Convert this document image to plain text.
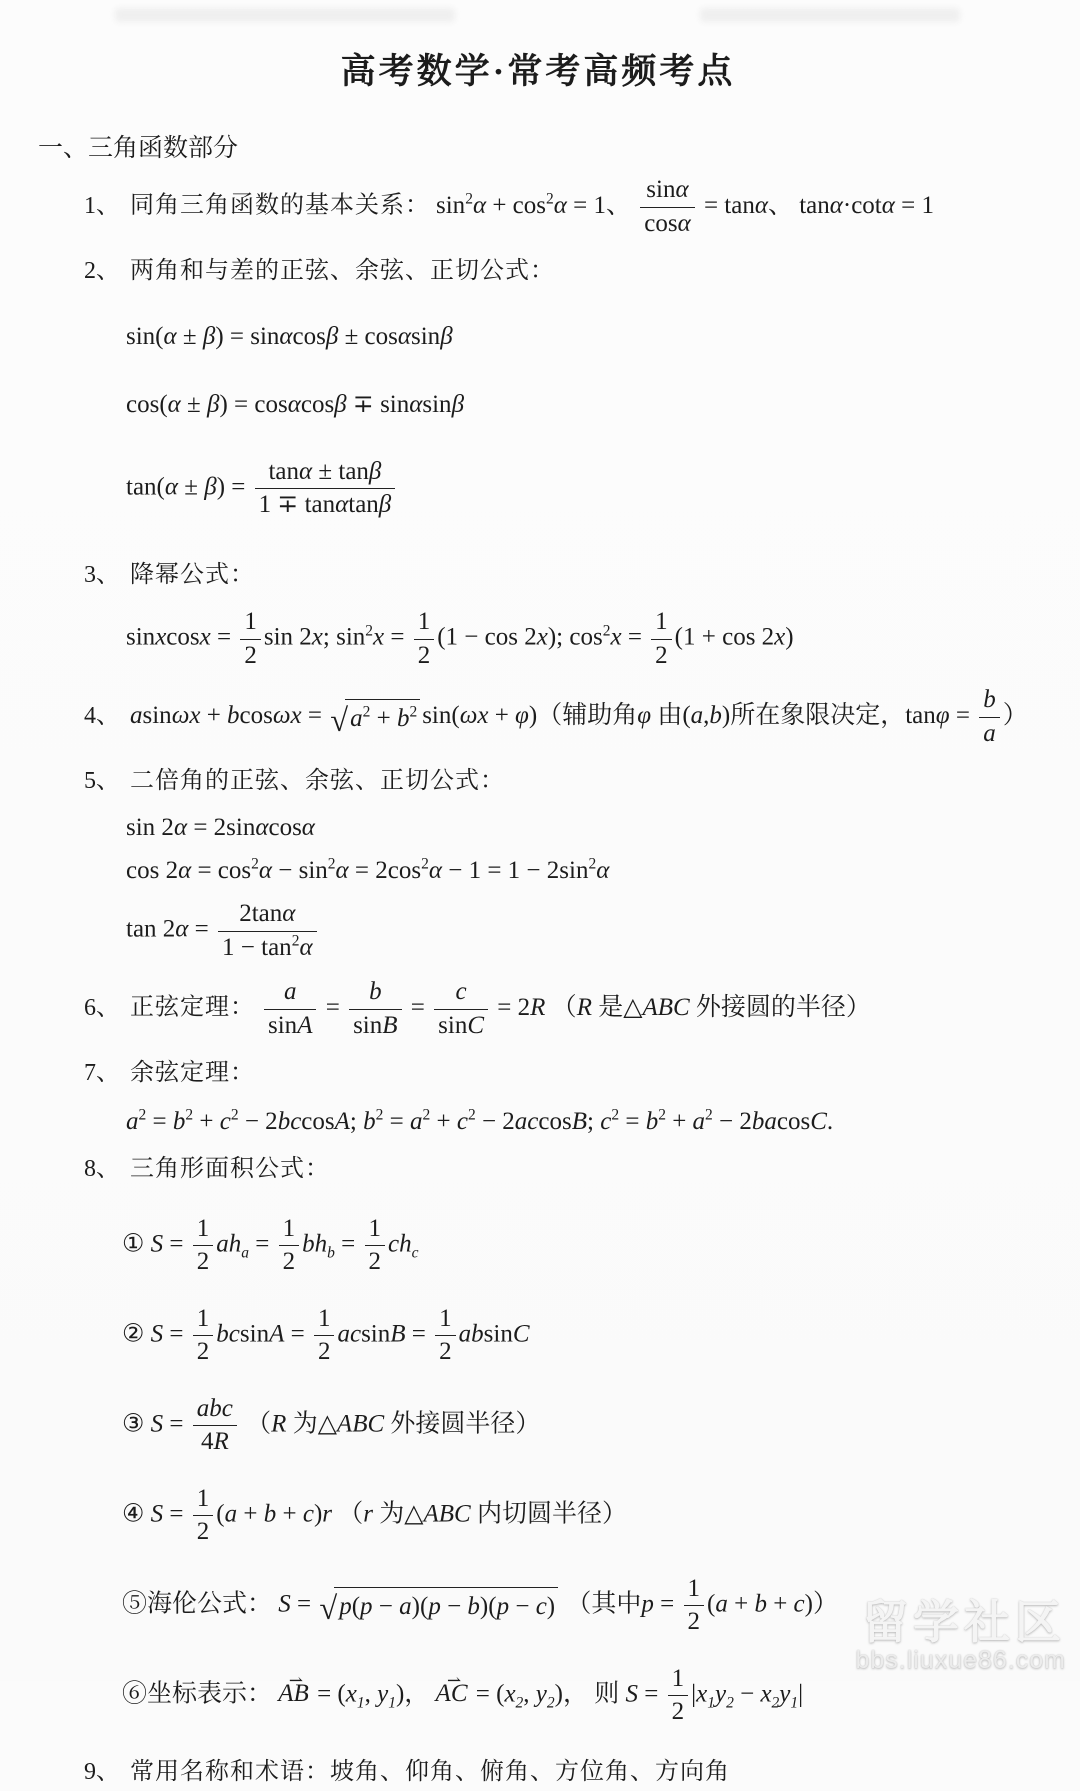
高考数学·常考高频考点
一、三角函数部分
1、 同角三角函数的基本关系： $\sin^2\alpha + \cos^2\alpha = 1$、 $\frac{\sin\alpha}{\cos\alpha} = \tan\alpha$、 tanα·cotα = 1
2、 两角和与差的正弦、余弦、正切公式：
sin(α ± β) = sinαcosβ ± cosαsinβ
cos(α ± β) = cosαcosβ ∓ sinαsinβ
$\tan(\alpha \pm \beta) = \frac{\tan\alpha \pm \tan\beta}{1 \mp \tan\alpha\tan\beta}$
3、 降幂公式：
sinxcosx = $\frac{1}{2}$ sin 2x; $\sin^2x = \frac{1}{2} (1 - \cos 2x)$; $\cos^2x = \frac{1}{2} (1 + \cos 2x)$
4、 asinωx + bcosωx = √ $a^2 + b^2$ sin(ωx + φ)（辅助角φ 由(a,b)所在象限决定，$\tan\varphi = \frac{b}{a}$ ）
5、 二倍角的正弦、余弦、正切公式：
sin 2α = 2sinαcosα
$\cos 2\alpha = \cos^2\alpha - \sin^2\alpha = 2\cos^2\alpha - 1 = 1 - 2\sin^2\alpha$
$\tan 2\alpha = \frac{2\tan\alpha}{1 - \tan^2\alpha}$
6、 正弦定理： $\frac{a}{\sin A} = \frac{b}{\sin B} = \frac{c}{\sin C} = 2R$ （R 是△ABC 外接圆的半径）
7、 余弦定理：
$a^2 = b^2 + c^2 - 2bccosA$; $b^2 = a^2 + c^2 - 2accosB$; $c^2 = b^2 + a^2 - 2bacosC$.
8、 三角形面积公式：
① $S = \frac{1}{2} ah_a = \frac{1}{2} bh_b = \frac{1}{2} ch_c$
② $S = \frac{1}{2}$ $bcsinA = \frac{1}{2}$ $acsinB = \frac{1}{2}$ absinC
③ $S = \frac{\text{abc}}{4R} (R$ 为△ABC 外接圆半径）
④ $S = \frac{1}{2} (a + b + c)r$ （r 为△ABC 内切圆半径）
⑤海伦公式： S = √ p(p − a)(p − b)(p − c) （其中$p = \frac{1}{2} (a + b + c)$）
⑥坐标表示： AB ⇀ = ($x_1$, $y_1$)， AC ⇀ = ($x_2$, $y_2$)， 则 $S = \frac{1}{2} |x_1y_2 - x_2y_1|$
9、 常用名称和术语：坡角、仰角、俯角、方位角、方向角
留学社区
bbs.liuxue86.com
